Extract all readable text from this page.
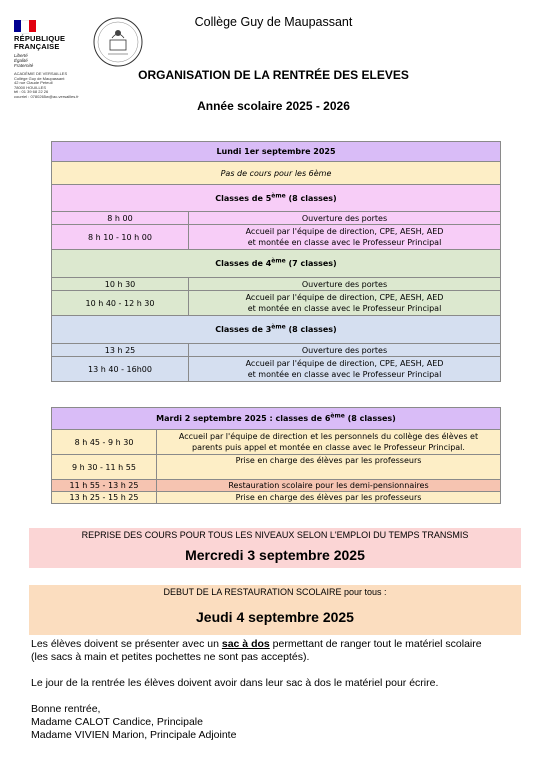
RÉPUBLIQUE
FRANÇAISE
Liberté
Égalité
Fraternité
ACADÉMIE DE VERSAILLES
Collège Guy de Maupassant
42 rue Claude Peteuil
78000 HOUILLES
tél : 01 39 68 22 26
courriel : 0780265w@ac-versailles.fr
Collège Guy de Maupassant
ORGANISATION DE LA RENTRÉE DES ELEVES
Année scolaire 2025 - 2026
Lundi 1er septembre 2025	
Pas de cours pour les 6ème	
Classes de 5ème (8 classes)	
8 h 00	Ouverture des portes
8 h 10 - 10 h 00	Accueil par l'équipe de direction, CPE, AESH, AED
et montée en classe avec le Professeur Principal

Classes de 4ème (7 classes)	
10 h 30	Ouverture des portes
10 h 40 - 12 h 30	Accueil par l'équipe de direction, CPE, AESH, AED
et montée en classe avec le Professeur Principal

Classes de 3ème (8 classes)	
13 h 25	Ouverture des portes
13 h 40 - 16h00	Accueil par l'équipe de direction, CPE, AESH, AED
et montée en classe avec le Professeur Principal
Mardi 2 septembre 2025 : classes de 6ème (8 classes)	
8 h 45 - 9 h 30	Accueil par l'équipe de direction et les personnels du collège des élèves et
parents puis appel et montée en classe avec le Professeur Principal.

9 h 30 - 11 h 55	Prise en charge des élèves par les professeurs
11 h 55 - 13 h 25	Restauration scolaire pour les demi-pensionnaires
13 h 25 - 15 h 25	Prise en charge des élèves par les professeurs
REPRISE DES COURS POUR TOUS LES NIVEAUX SELON L'EMPLOI DU TEMPS TRANSMIS
Mercredi 3 septembre 2025
DEBUT DE LA RESTAURATION SCOLAIRE pour tous :
Jeudi 4 septembre 2025

Les élèves doivent se présenter avec un sac à dos permettant de ranger tout le matériel scolaire

(les sacs à main et petites pochettes ne sont pas acceptés).

Le jour de la rentrée les élèves doivent avoir dans leur sac à dos le matériel pour écrire.

Bonne rentrée,

Madame CALOT Candice, Principale

Madame VIVIEN Marion, Principale Adjointe
